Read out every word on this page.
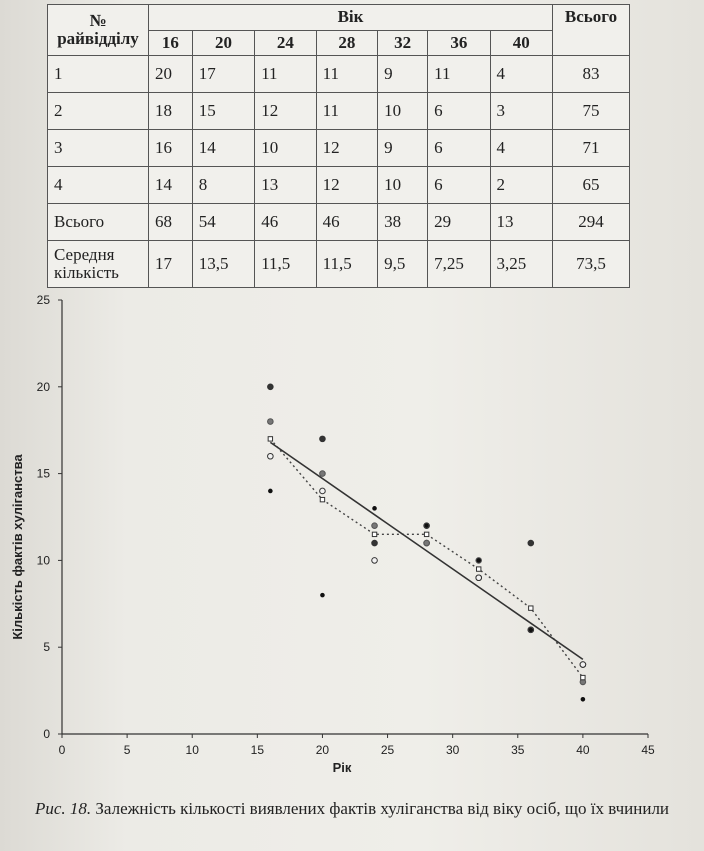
№ райвідділу	Вік							Всього
	16	20	24	28	32	36	40	
1	20	17	11	11	9	11	4	83
2	18	15	12	11	10	6	3	75
3	16	14	10	12	9	6	4	71
4	14	8	13	12	10	6	2	65
Всього	68	54	46	46	38	29	13	294
Середня кількість	17	13,5	11,5	11,5	9,5	7,25	3,25	73,5
0	5	10	15	20	25	30	35	40	45
0
5
10
15
20
25
Рік
Кількість фактів хуліганства
Рис. 18. Залежність кількості виявлених фактів хуліганства від віку осіб, що їх вчинили
